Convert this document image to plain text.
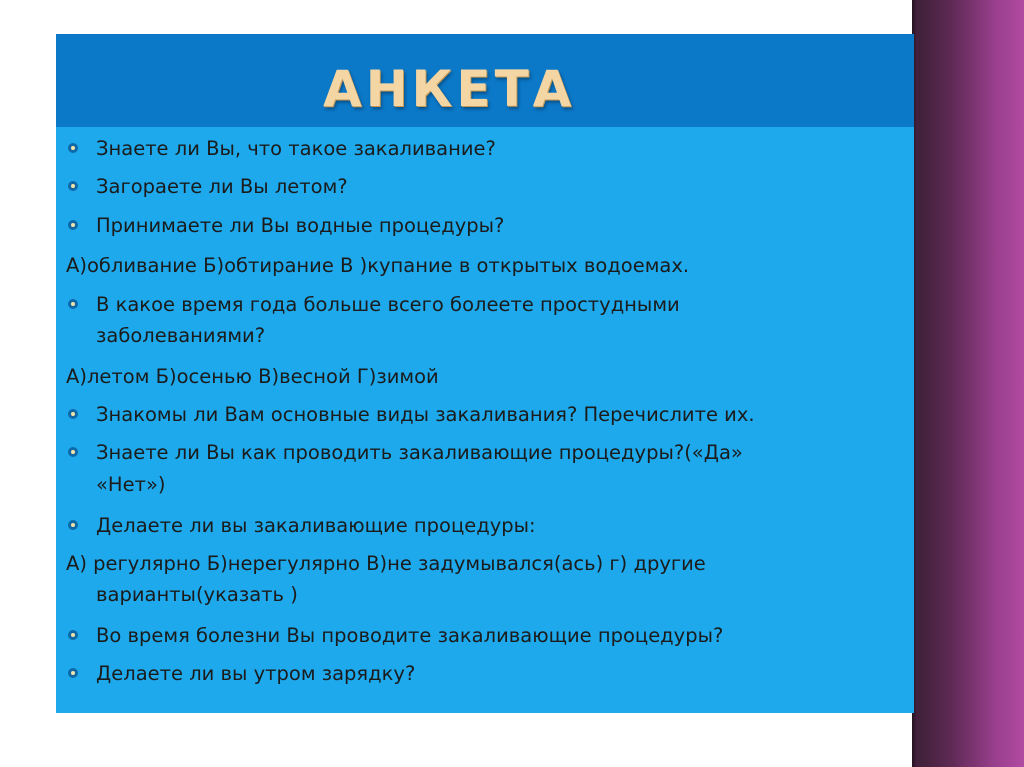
АНКЕТА
Знаете ли Вы, что такое закаливание?
Загораете ли Вы летом?
Принимаете ли Вы водные процедуры?
А)обливание Б)обтирание В )купание в открытых водоемах.
В какое время года больше всего болеете простудными
заболеваниями?
А)летом Б)осенью В)весной Г)зимой
Знакомы ли Вам основные виды закаливания? Перечислите их.
Знаете ли Вы как проводить закаливающие процедуры?(«Да»
«Нет»)
Делаете ли вы закаливающие процедуры:
А) регулярно Б)нерегулярно В)не задумывался(ась) г) другие
варианты(указать )
Во время болезни Вы проводите закаливающие процедуры?
Делаете ли вы утром зарядку?
